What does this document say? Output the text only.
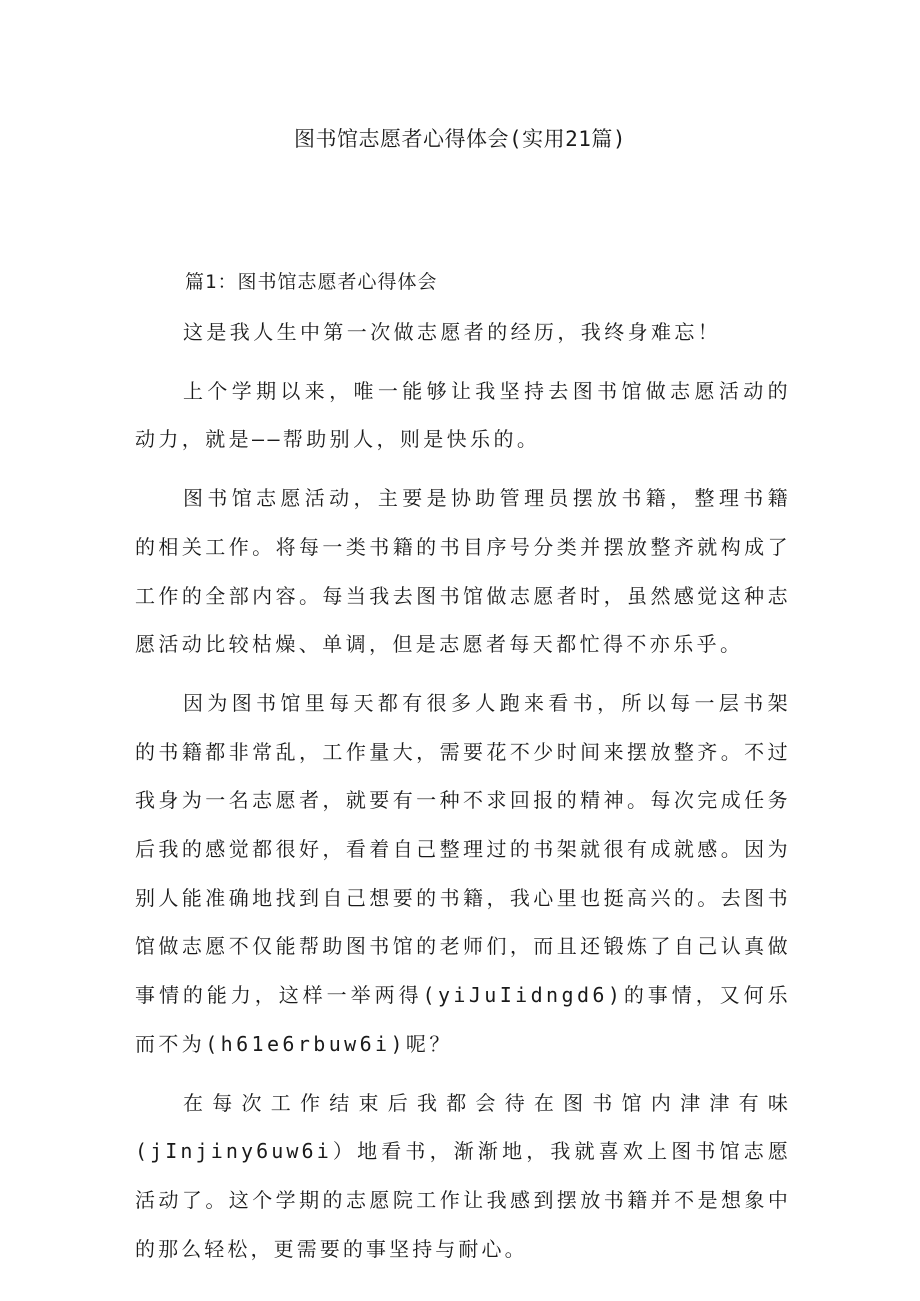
图书馆志愿者心得体会(实用21篇)

篇1：图书馆志愿者心得体会

这是我人生中第一次做志愿者的经历，我终身难忘！

上个学期以来，唯一能够让我坚持去图书馆做志愿活动的动力，就是——帮助别人，则是快乐的。

图书馆志愿活动，主要是协助管理员摆放书籍，整理书籍的相关工作。将每一类书籍的书目序号分类并摆放整齐就构成了工作的全部内容。每当我去图书馆做志愿者时，虽然感觉这种志愿活动比较枯燥、单调，但是志愿者每天都忙得不亦乐乎。

因为图书馆里每天都有很多人跑来看书，所以每一层书架的书籍都非常乱，工作量大，需要花不少时间来摆放整齐。不过我身为一名志愿者，就要有一种不求回报的精神。每次完成任务后我的感觉都很好，看着自己整理过的书架就很有成就感。因为别人能准确地找到自己想要的书籍，我心里也挺高兴的。去图书馆做志愿不仅能帮助图书馆的老师们，而且还锻炼了自己认真做事情的能力，这样一举两得(yiJuIidngd6)的事情，又何乐而不为(h61e6rbuw6i)呢？

在每次工作结束后我都会待在图书馆内津津有味(jInjiny6uw6i）地看书，渐渐地，我就喜欢上图书馆志愿活动了。这个学期的志愿院工作让我感到摆放书籍并不是想象中的那么轻松，更需要的事坚持与耐心。
